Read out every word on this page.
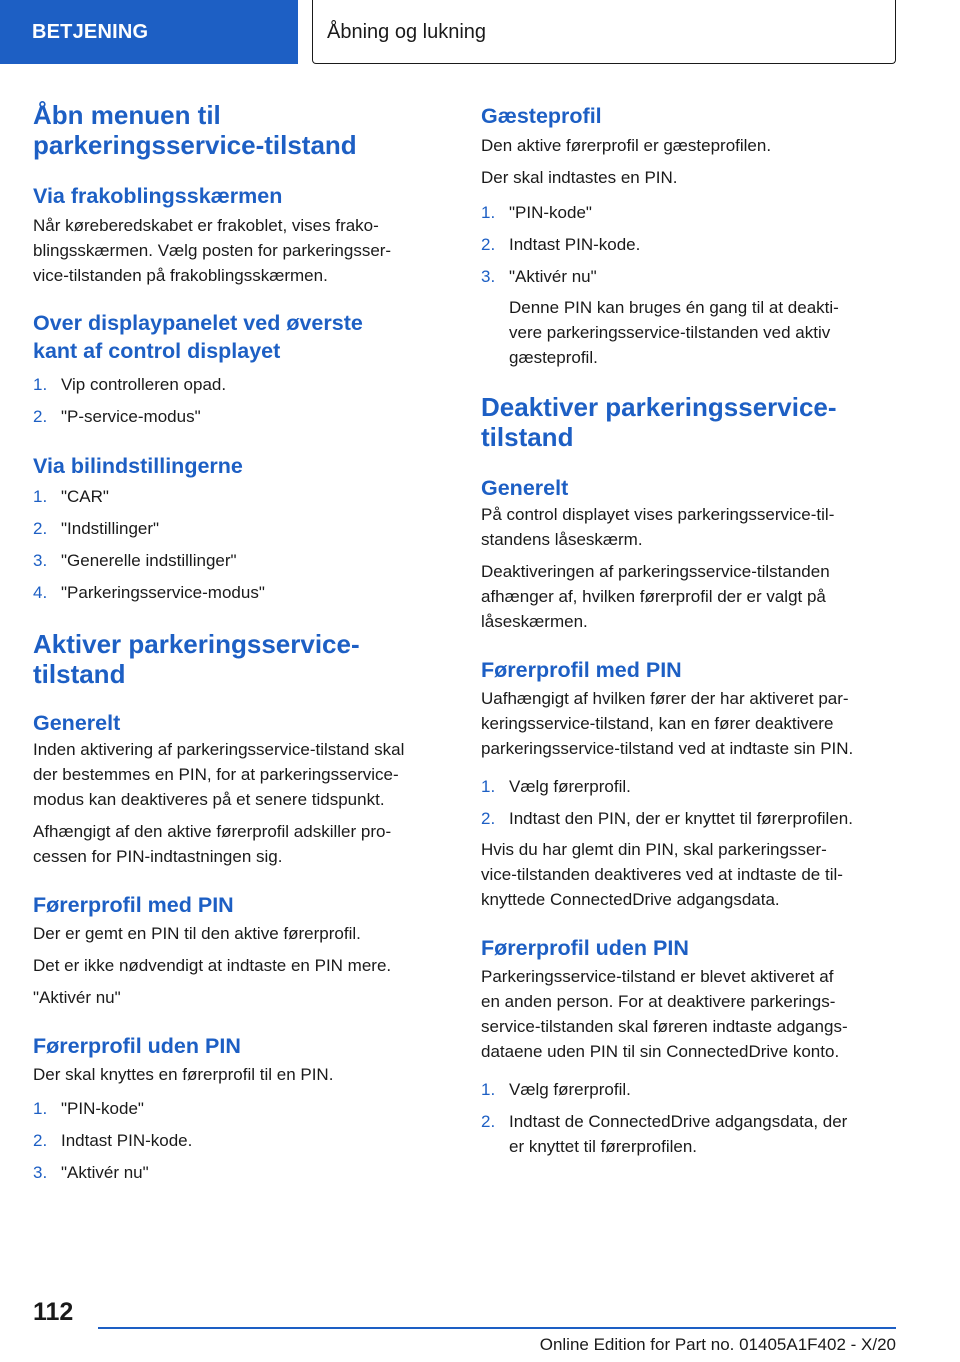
BETJENING	Åbning og lukning
Åbn menuen til
parkeringsservice-tilstand
Via frakoblingsskærmen
Når køreberedskabet er frakoblet, vises frako‐
blingsskærmen. Vælg posten for parkeringsser‐
vice-tilstanden på frakoblingsskærmen.
Over displaypanelet ved øverste
kant af control displayet
1. Vip controlleren opad.
2. "P-service-modus"
Via bilindstillingerne
1. "CAR"
2. "Indstillinger"
3. "Generelle indstillinger"
4. "Parkeringsservice-modus"
Aktiver parkeringsservice‐
tilstand
Generelt
Inden aktivering af parkeringsservice-tilstand skal
der bestemmes en PIN, for at parkeringsservice-
modus kan deaktiveres på et senere tidspunkt.
Afhængigt af den aktive førerprofil adskiller pro‐
cessen for PIN-indtastningen sig.
Førerprofil med PIN
Der er gemt en PIN til den aktive førerprofil.
Det er ikke nødvendigt at indtaste en PIN mere.
"Aktivér nu"
Førerprofil uden PIN
Der skal knyttes en førerprofil til en PIN.
1. "PIN-kode"
2. Indtast PIN-kode.
3. "Aktivér nu"
Gæsteprofil
Den aktive førerprofil er gæsteprofilen.
Der skal indtastes en PIN.
1. "PIN-kode"
2. Indtast PIN-kode.
3. "Aktivér nu"
Denne PIN kan bruges én gang til at deakti‐
vere parkeringsservice-tilstanden ved aktiv
gæsteprofil.
Deaktiver parkeringsservice‐
tilstand
Generelt
På control displayet vises parkeringsservice-til‐
standens låseskærm.
Deaktiveringen af parkeringsservice-tilstanden
afhænger af, hvilken førerprofil der er valgt på
låseskærmen.
Førerprofil med PIN
Uafhængigt af hvilken fører der har aktiveret par‐
keringsservice-tilstand, kan en fører deaktivere
parkeringsservice-tilstand ved at indtaste sin PIN.
1. Vælg førerprofil.
2. Indtast den PIN, der er knyttet til førerprofilen.
Hvis du har glemt din PIN, skal parkeringsser‐
vice-tilstanden deaktiveres ved at indtaste de til‐
knyttede ConnectedDrive adgangsdata.
Førerprofil uden PIN
Parkeringsservice-tilstand er blevet aktiveret af
en anden person. For at deaktivere parkerings‐
service-tilstanden skal føreren indtaste adgangs‐
dataene uden PIN til sin ConnectedDrive konto.
1. Vælg førerprofil.
2. Indtast de ConnectedDrive adgangsdata, der
er knyttet til førerprofilen.
112
Online Edition for Part no. 01405A1F402 - X/20
